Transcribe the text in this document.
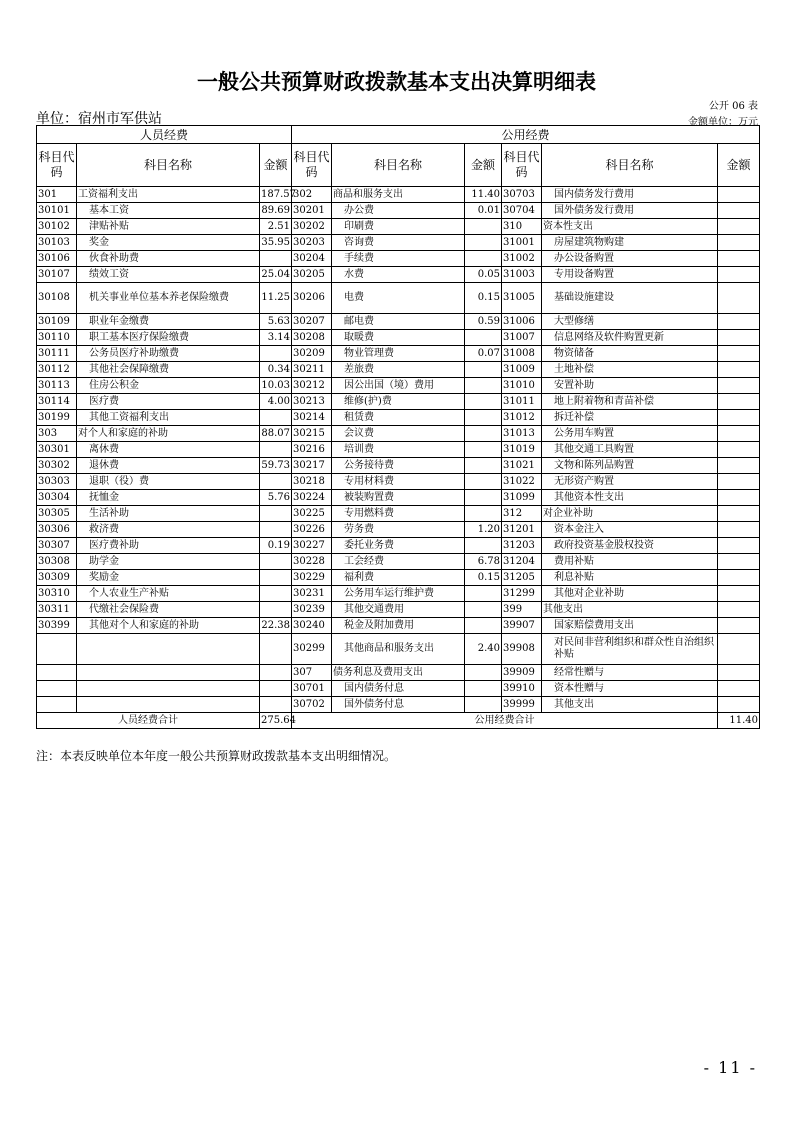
一般公共预算财政拨款基本支出决算明细表
公开 06 表
单位：宿州市军供站	金额单位：万元
人员经费			公用经费					
科目代码	科目名称	金额	科目代码	科目名称	金额	科目代码	科目名称	金额
301	工资福利支出	187.57	302	商品和服务支出	11.40	30703	国内债务发行费用	
30101	基本工资	89.69	30201	办公费	0.01	30704	国外债务发行费用	
30102	津贴补贴	2.51	30202	印刷费		310	资本性支出	
30103	奖金	35.95	30203	咨询费		31001	房屋建筑物购建	
30106	伙食补助费		30204	手续费		31002	办公设备购置	
30107	绩效工资	25.04	30205	水费	0.05	31003	专用设备购置	
30108	机关事业单位基本养老保险缴费	11.25	30206	电费	0.15	31005	基础设施建设	
30109	职业年金缴费	5.63	30207	邮电费	0.59	31006	大型修缮	
30110	职工基本医疗保险缴费	3.14	30208	取暖费		31007	信息网络及软件购置更新	
30111	公务员医疗补助缴费		30209	物业管理费	0.07	31008	物资储备	
30112	其他社会保障缴费	0.34	30211	差旅费		31009	土地补偿	
30113	住房公积金	10.03	30212	因公出国（境）费用		31010	安置补助	
30114	医疗费	4.00	30213	维修(护)费		31011	地上附着物和青苗补偿	
30199	其他工资福利支出		30214	租赁费		31012	拆迁补偿	
303	对个人和家庭的补助	88.07	30215	会议费		31013	公务用车购置	
30301	离休费		30216	培训费		31019	其他交通工具购置	
30302	退休费	59.73	30217	公务接待费		31021	文物和陈列品购置	
30303	退职（役）费		30218	专用材料费		31022	无形资产购置	
30304	抚恤金	5.76	30224	被装购置费		31099	其他资本性支出	
30305	生活补助		30225	专用燃料费		312	对企业补助	
30306	救济费		30226	劳务费	1.20	31201	资本金注入	
30307	医疗费补助	0.19	30227	委托业务费		31203	政府投资基金股权投资	
30308	助学金		30228	工会经费	6.78	31204	费用补贴	
30309	奖励金		30229	福利费	0.15	31205	利息补贴	
30310	个人农业生产补贴		30231	公务用车运行维护费		31299	其他对企业补助	
30311	代缴社会保险费		30239	其他交通费用		399	其他支出	
30399	其他对个人和家庭的补助	22.38	30240	税金及附加费用		39907	国家赔偿费用支出	
			30299	其他商品和服务支出	2.40	39908	对民间非营利组织和群众性自治组织补贴	
			307	债务利息及费用支出		39909	经常性赠与	
			30701	国内债务付息		39910	资本性赠与	
			30702	国外债务付息		39999	其他支出	
人员经费合计		275.64	公用经费合计					11.40
注：本表反映单位本年度一般公共预算财政拨款基本支出明细情况。
- 11 -
